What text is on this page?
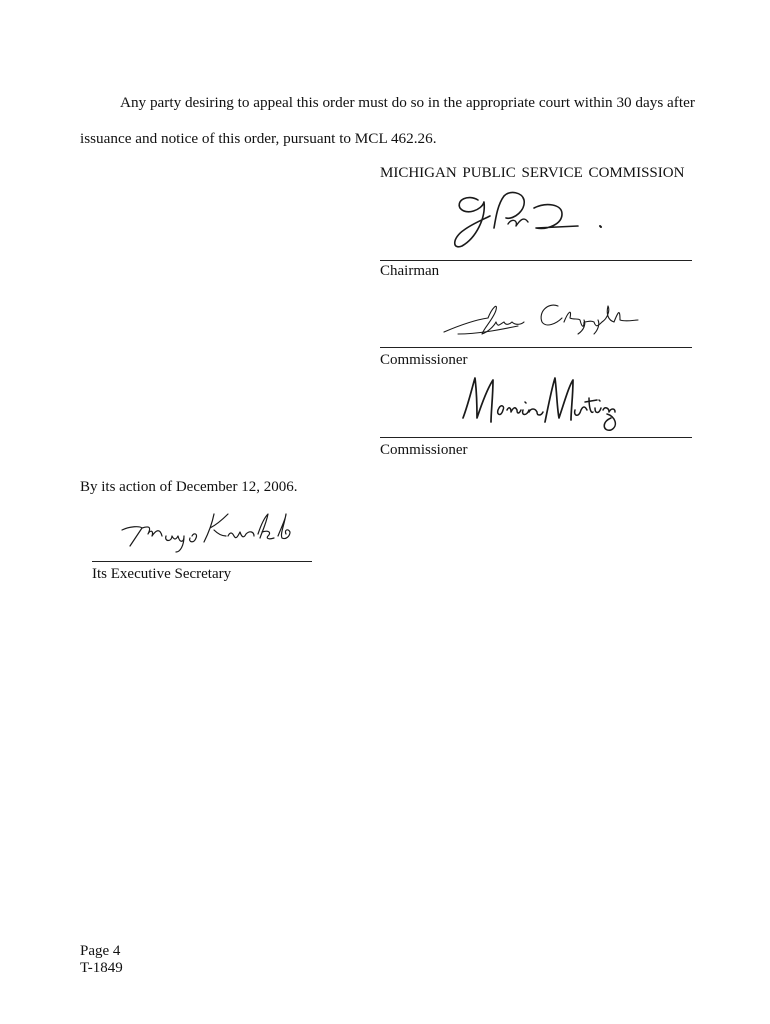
Any party desiring to appeal this order must do so in the appropriate court within 30 days after
issuance and notice of this order, pursuant to MCL 462.26.
MICHIGAN PUBLIC SERVICE COMMISSION
Chairman
Commissioner
Commissioner
By its action of December 12, 2006.
Its Executive Secretary
Page 4
T-1849
